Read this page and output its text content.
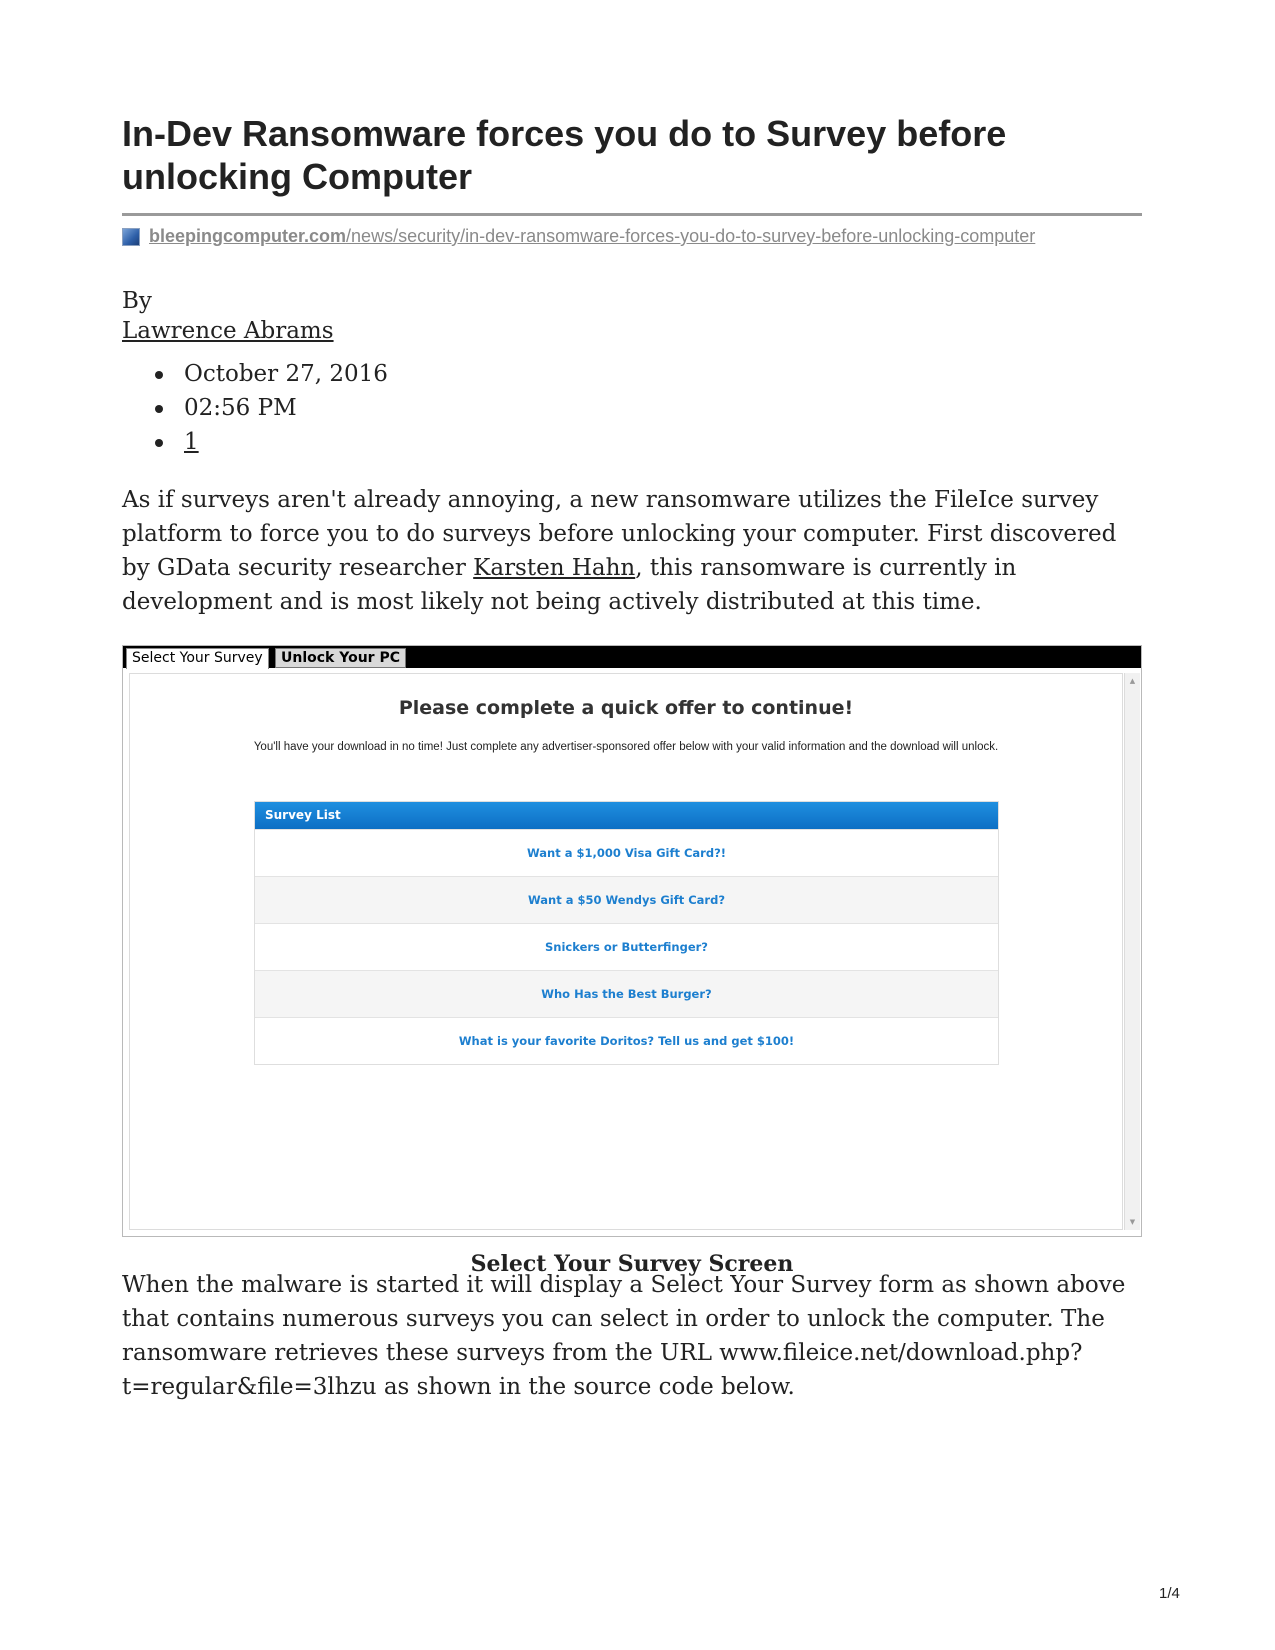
In-Dev Ransomware forces you do to Survey before unlocking Computer
bleepingcomputer.com/news/security/in-dev-ransomware-forces-you-do-to-survey-before-unlocking-computer
By
Lawrence Abrams
October 27, 2016
02:56 PM
1

As if surveys aren't already annoying, a new ransomware utilizes the FileIce survey platform to force you to do surveys before unlocking your computer. First discovered by GData security researcher Karsten Hahn, this ransomware is currently in development and is most likely not being actively distributed at this time.

Select Your Survey	Unlock Your PC
Please complete a quick offer to continue!
You'll have your download in no time! Just complete any advertiser-sponsored offer below with your valid information and the download will unlock.
Survey List
Want a $1,000 Visa Gift Card?!
Want a $50 Wendys Gift Card?
Snickers or Butterfinger?
Who Has the Best Burger?
What is your favorite Doritos? Tell us and get $100!
▲
▼
Select Your Survey Screen

When the malware is started it will display a Select Your Survey form as shown above that contains numerous surveys you can select in order to unlock the computer. The ransomware retrieves these surveys from the URL www.fileice.net/download.php?t=regular&file=3lhzu as shown in the source code below.

1/4
